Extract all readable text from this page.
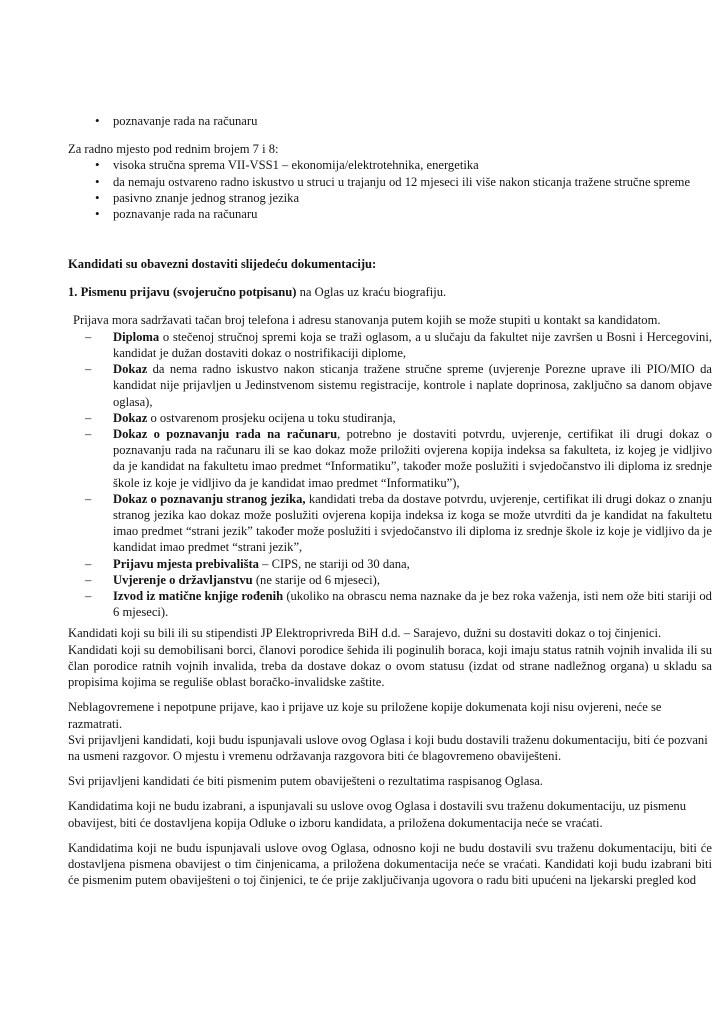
• poznavanje rada na računaru

Za radno mjesto pod rednim brojem 7 i 8:

• visoka stručna sprema VII-VSS1 – ekonomija/elektrotehnika, energetika

• da nemaju ostvareno radno iskustvo u struci u trajanju od 12 mjeseci ili više nakon sticanja tražene stručne spreme

• pasivno znanje jednog stranog jezika

• poznavanje rada na računaru

Kandidati su obavezni dostaviti slijedeću dokumentaciju:

1. Pismenu prijavu (svojeručno potpisanu) na Oglas uz kraću biografiju.

Prijava mora sadržavati tačan broj telefona i adresu stanovanja putem kojih se može stupiti u kontakt sa kandidatom.

– Diploma o stečenoj stručnoj spremi koja se traži oglasom, a u slučaju da fakultet nije završen u Bosni i Hercegovini, kandidat je dužan dostaviti dokaz o nostrifikaciji diplome,

– Dokaz da nema radno iskustvo nakon sticanja tražene stručne spreme (uvjerenje Porezne uprave ili PIO/MIO da kandidat nije prijavljen u Jedinstvenom sistemu registracije, kontrole i naplate doprinosa, zaključno sa danom objave oglasa),

– Dokaz o ostvarenom prosjeku ocijena u toku studiranja,

– Dokaz o poznavanju rada na računaru, potrebno je dostaviti potvrdu, uvjerenje, certifikat ili drugi dokaz o poznavanju rada na računaru ili se kao dokaz može priložiti ovjerena kopija indeksa sa fakulteta, iz kojeg je vidljivo da je kandidat na fakultetu imao predmet “Informatiku”, također može poslužiti i svjedočanstvo ili diploma iz srednje škole iz koje je vidljivo da je kandidat imao predmet “Informatiku”),

– Dokaz o poznavanju stranog jezika, kandidati treba da dostave potvrdu, uvjerenje, certifikat ili drugi dokaz o znanju stranog jezika kao dokaz može poslužiti ovjerena kopija indeksa iz koga se može utvrditi da je kandidat na fakultetu imao predmet “strani jezik” također može poslužiti i svjedočanstvo ili diploma iz srednje škole iz koje je vidljivo da je kandidat imao predmet “strani jezik”,

– Prijavu mjesta prebivališta – CIPS, ne stariji od 30 dana,

– Uvjerenje o državljanstvu (ne starije od 6 mjeseci),

– Izvod iz matične knjige rođenih (ukoliko na obrascu nema naznake da je bez roka važenja, isti nem ože biti stariji od 6 mjeseci).

Kandidati koji su bili ili su stipendisti JP Elektroprivreda BiH d.d. – Sarajevo, dužni su dostaviti dokaz o toj činjenici.

Kandidati koji su demobilisani borci, članovi porodice šehida ili poginulih boraca, koji imaju status ratnih vojnih invalida ili su član porodice ratnih vojnih invalida, treba da dostave dokaz o ovom statusu (izdat od strane nadležnog organa) u skladu sa propisima kojima se reguliše oblast boračko-invalidske zaštite.

Neblagovremene i nepotpune prijave, kao i prijave uz koje su priložene kopije dokumenata koji nisu ovjereni, neće se razmatrati.

Svi prijavljeni kandidati, koji budu ispunjavali uslove ovog Oglasa i koji budu dostavili traženu dokumentaciju, biti će pozvani na usmeni razgovor. O mjestu i vremenu održavanja razgovora biti će blagovremeno obaviješteni.

Svi prijavljeni kandidati će biti pismenim putem obaviješteni o rezultatima raspisanog Oglasa.

Kandidatima koji ne budu izabrani, a ispunjavali su uslove ovog Oglasa i dostavili svu traženu dokumentaciju, uz pismenu obavijest, biti će dostavljena kopija Odluke o izboru kandidata, a priložena dokumentacija neće se vraćati.

Kandidatima koji ne budu ispunjavali uslove ovog Oglasa, odnosno koji ne budu dostavili svu traženu dokumentaciju, biti će dostavljena pismena obavijest o tim činjenicama, a priložena dokumentacija neće se vraćati. Kandidati koji budu izabrani biti će pismenim putem obaviješteni o toj činjenici, te će prije zaključivanja ugovora o radu biti upućeni na ljekarski pregled kod
